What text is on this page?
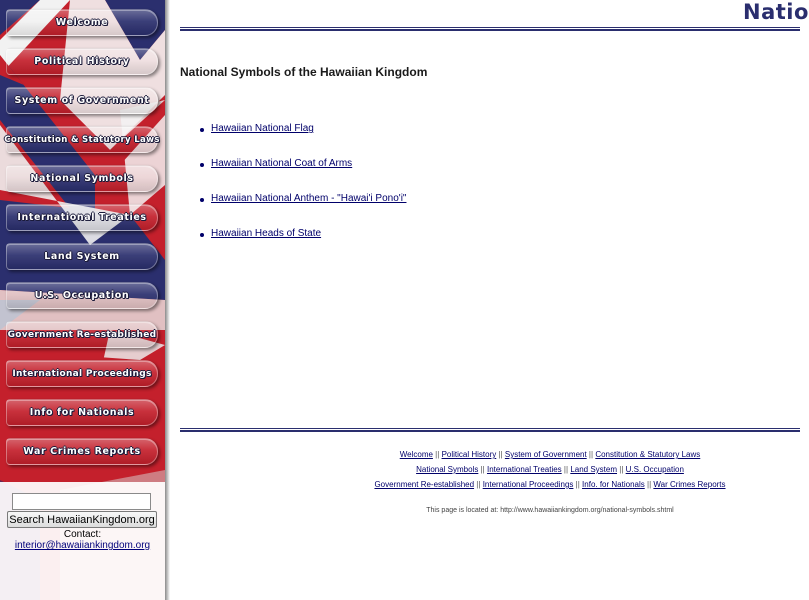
Welcome
Political History
System of Government
Constitution & Statutory Laws
National Symbols
International Treaties
Land System
U.S. Occupation
Government Re-established
International Proceedings
Info for Nationals
War Crimes Reports
Search HawaiianKingdom.org
Contact:
interior@hawaiiankingdom.org
Natio
National Symbols of the Hawaiian Kingdom
Hawaiian National Flag
Hawaiian National Coat of Arms
Hawaiian National Anthem - "Hawai'i Pono'i"
Hawaiian Heads of State
Welcome || Political History || System of Government || Constitution & Statutory Laws
National Symbols || International Treaties || Land System || U.S. Occupation
Government Re-established || International Proceedings || Info. for Nationals || War Crimes Reports
This page is located at: http://www.hawaiiankingdom.org/national-symbols.shtml
